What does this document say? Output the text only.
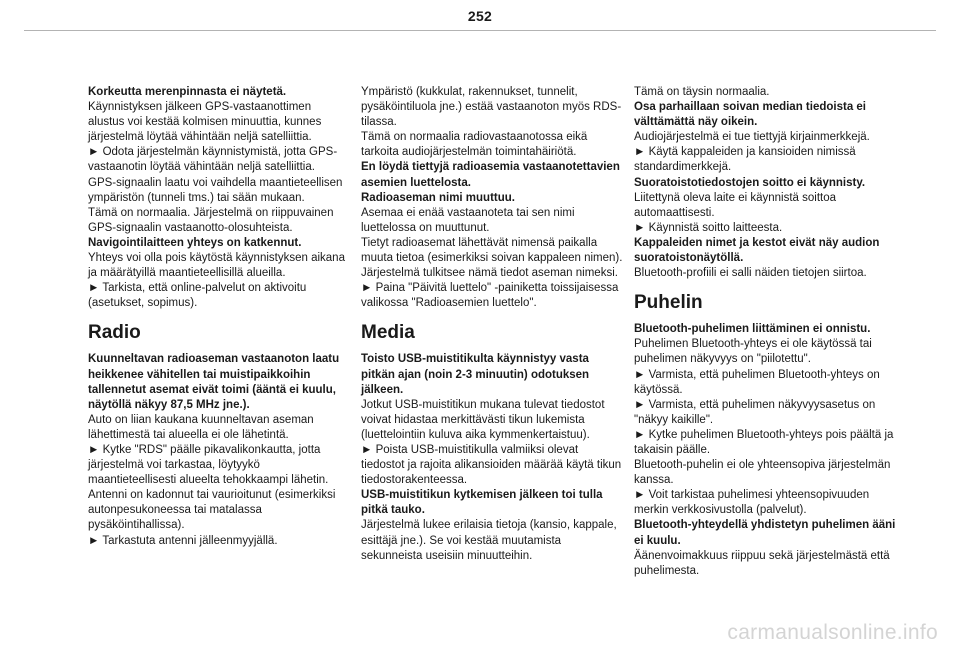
252

Korkeutta merenpinnasta ei näytetä.

Käynnistyksen jälkeen GPS-vastaanottimen alustus voi kestää kolmisen minuuttia, kunnes järjestelmä löytää vähintään neljä satelliittia.

► Odota järjestelmän käynnistymistä, jotta GPS-vastaanotin löytää vähintään neljä satelliittia.

GPS-signaalin laatu voi vaihdella maantieteellisen ympäristön (tunneli tms.) tai sään mukaan.

Tämä on normaalia. Järjestelmä on riippuvainen GPS-signaalin vastaanotto-olosuhteista.

Navigointilaitteen yhteys on katkennut.

Yhteys voi olla pois käytöstä käynnistyksen aikana ja määrätyillä maantieteellisillä alueilla.

► Tarkista, että online-palvelut on aktivoitu (asetukset, sopimus).

Radio

Kuunneltavan radioaseman vastaanoton laatu heikkenee vähitellen tai muistipaikkoihin tallennetut asemat eivät toimi (ääntä ei kuulu, näytöllä näkyy 87,5 MHz jne.).

Auto on liian kaukana kuunneltavan aseman lähettimestä tai alueella ei ole lähetintä.

► Kytke "RDS" päälle pikavalikonkautta, jotta järjestelmä voi tarkastaa, löytyykö maantieteellisesti alueelta tehokkaampi lähetin.

Antenni on kadonnut tai vaurioitunut (esimerkiksi autonpesukoneessa tai matalassa pysäköintihallissa).

► Tarkastuta antenni jälleenmyyjällä.

Ympäristö (kukkulat, rakennukset, tunnelit, pysäköintiluola jne.) estää vastaanoton myös RDS-tilassa.

Tämä on normaalia radiovastaanotossa eikä tarkoita audiojärjestelmän toimintahäiriötä.

En löydä tiettyjä radioasemia vastaanotettavien asemien luettelosta.

Radioaseman nimi muuttuu.

Asemaa ei enää vastaanoteta tai sen nimi luettelossa on muuttunut.

Tietyt radioasemat lähettävät nimensä paikalla muuta tietoa (esimerkiksi soivan kappaleen nimen).

Järjestelmä tulkitsee nämä tiedot aseman nimeksi.

► Paina "Päivitä luettelo" -painiketta toissijaisessa valikossa "Radioasemien luettelo".

Media

Toisto USB-muistitikulta käynnistyy vasta pitkän ajan (noin 2-3 minuutin) odotuksen jälkeen.

Jotkut USB-muistitikun mukana tulevat tiedostot voivat hidastaa merkittävästi tikun lukemista (luettelointiin kuluva aika kymmenkertaistuu).

► Poista USB-muistitikulla valmiiksi olevat tiedostot ja rajoita alikansioiden määrää käytä tikun tiedostorakenteessa.

USB-muistitikun kytkemisen jälkeen toi tulla pitkä tauko.

Järjestelmä lukee erilaisia tietoja (kansio, kappale, esittäjä jne.). Se voi kestää muutamista sekunneista useisiin minuutteihin.

Tämä on täysin normaalia.

Osa parhaillaan soivan median tiedoista ei välttämättä näy oikein.

Audiojärjestelmä ei tue tiettyjä kirjainmerkkejä.

► Käytä kappaleiden ja kansioiden nimissä standardimerkkejä.

Suoratoistotiedostojen soitto ei käynnisty.

Liitettynä oleva laite ei käynnistä soittoa automaattisesti.

► Käynnistä soitto laitteesta.

Kappaleiden nimet ja kestot eivät näy audion suoratoistonäytöllä.

Bluetooth-profiili ei salli näiden tietojen siirtoa.

Puhelin

Bluetooth-puhelimen liittäminen ei onnistu.

Puhelimen Bluetooth-yhteys ei ole käytössä tai puhelimen näkyvyys on "piilotettu".

► Varmista, että puhelimen Bluetooth-yhteys on käytössä.

► Varmista, että puhelimen näkyvyysasetus on "näkyy kaikille".

► Kytke puhelimen Bluetooth-yhteys pois päältä ja takaisin päälle.

Bluetooth-puhelin ei ole yhteensopiva järjestelmän kanssa.

► Voit tarkistaa puhelimesi yhteensopivuuden merkin verkkosivustolla (palvelut).

Bluetooth-yhteydellä yhdistetyn puhelimen ääni ei kuulu.

Äänenvoimakkuus riippuu sekä järjestelmästä että puhelimesta.

carmanualsonline.info
